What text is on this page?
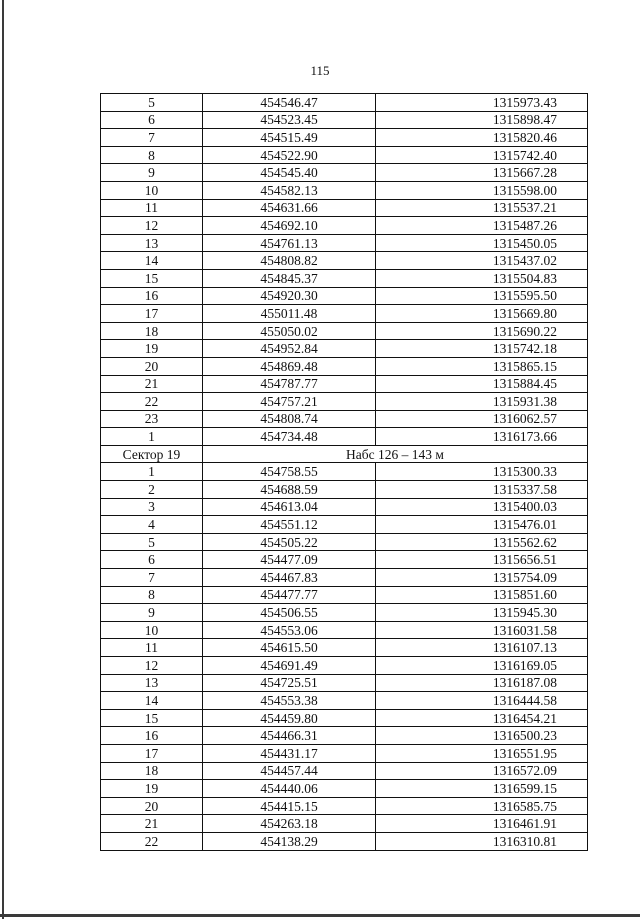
115
5	454546.47	1315973.43
6	454523.45	1315898.47
7	454515.49	1315820.46
8	454522.90	1315742.40
9	454545.40	1315667.28
10	454582.13	1315598.00
11	454631.66	1315537.21
12	454692.10	1315487.26
13	454761.13	1315450.05
14	454808.82	1315437.02
15	454845.37	1315504.83
16	454920.30	1315595.50
17	455011.48	1315669.80
18	455050.02	1315690.22
19	454952.84	1315742.18
20	454869.48	1315865.15
21	454787.77	1315884.45
22	454757.21	1315931.38
23	454808.74	1316062.57
1	454734.48	1316173.66
Сектор 19	Набс 126 – 143 м	
1	454758.55	1315300.33
2	454688.59	1315337.58
3	454613.04	1315400.03
4	454551.12	1315476.01
5	454505.22	1315562.62
6	454477.09	1315656.51
7	454467.83	1315754.09
8	454477.77	1315851.60
9	454506.55	1315945.30
10	454553.06	1316031.58
11	454615.50	1316107.13
12	454691.49	1316169.05
13	454725.51	1316187.08
14	454553.38	1316444.58
15	454459.80	1316454.21
16	454466.31	1316500.23
17	454431.17	1316551.95
18	454457.44	1316572.09
19	454440.06	1316599.15
20	454415.15	1316585.75
21	454263.18	1316461.91
22	454138.29	1316310.81
